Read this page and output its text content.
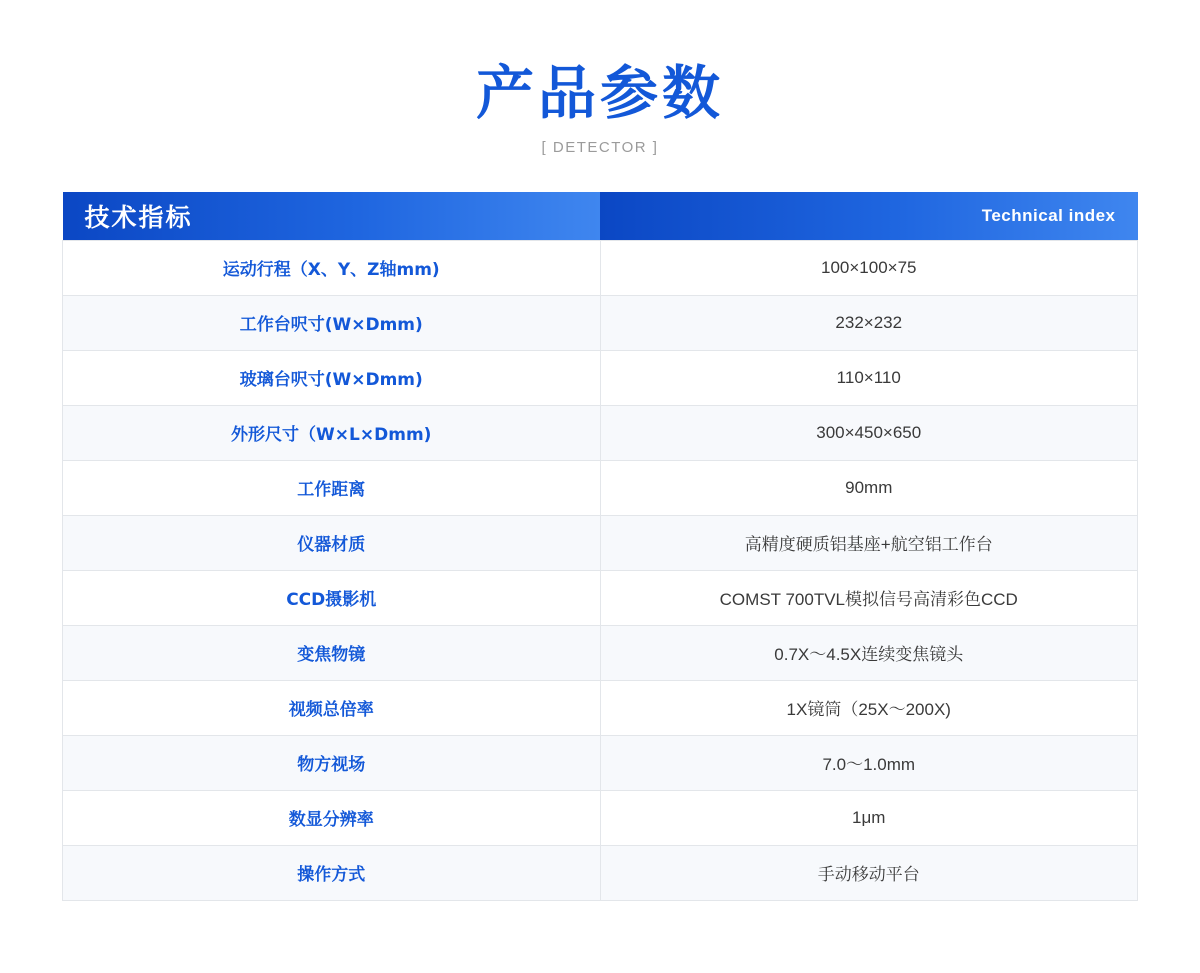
产品参数
[ DETECTOR ]
技术指标	Technical index
运动行程（X、Y、Z轴mm)	100×100×75
工作台呎寸(W×Dmm)	232×232
玻璃台呎寸(W×Dmm)	110×110
外形尺寸（W×L×Dmm)	300×450×650
工作距离	90mm
仪器材质	高精度硬质铝基座+航空铝工作台
CCD摄影机	COMST 700TVL模拟信号高清彩色CCD
变焦物镜	0.7X～4.5X连续变焦镜头
视频总倍率	1X镜筒（25X～200X)
物方视场	7.0～1.0mm
数显分辨率	1μm
操作方式	手动移动平台
